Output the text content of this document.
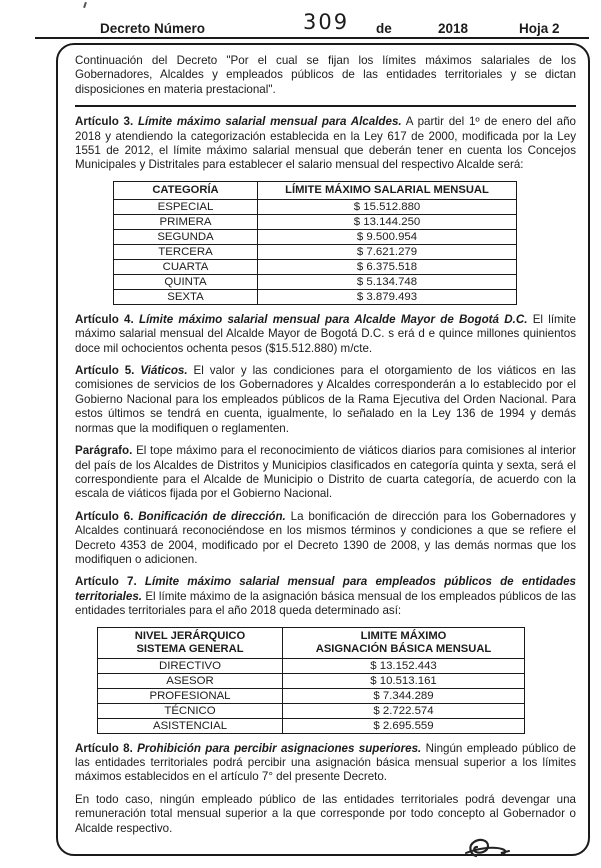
Decreto Número	309 de	2018	Hoja 2

Continuación del Decreto "Por el cual se fijan los límites máximos salariales de los Gobernadores, Alcaldes y empleados públicos de las entidades territoriales y se dictan disposiciones en materia prestacional".

Artículo 3. Límite máximo salarial mensual para Alcaldes. A partir del 1º de enero del año 2018 y atendiendo la categorización establecida en la Ley 617 de 2000, modificada por la Ley 1551 de 2012, el límite máximo salarial mensual que deberán tener en cuenta los Concejos Municipales y Distritales para establecer el salario mensual del respectivo Alcalde será:

CATEGORÍA	LÍMITE MÁXIMO SALARIAL MENSUAL
ESPECIAL	$ 15.512.880
PRIMERA	$ 13.144.250
SEGUNDA	$ 9.500.954
TERCERA	$ 7.621.279
CUARTA	$ 6.375.518
QUINTA	$ 5.134.748
SEXTA	$ 3.879.493

Artículo 4. Límite máximo salarial mensual para Alcalde Mayor de Bogotá D.C. El límite máximo salarial mensual del Alcalde Mayor de Bogotá D.C. s erá d e quince millones quinientos doce mil ochocientos ochenta pesos ($15.512.880) m/cte.

Artículo 5. Viáticos. El valor y las condiciones para el otorgamiento de los viáticos en las comisiones de servicios de los Gobernadores y Alcaldes corresponderán a lo establecido por el Gobierno Nacional para los empleados públicos de la Rama Ejecutiva del Orden Nacional. Para estos últimos se tendrá en cuenta, igualmente, lo señalado en la Ley 136 de 1994 y demás normas que la modifiquen o reglamenten.

Parágrafo. El tope máximo para el reconocimiento de viáticos diarios para comisiones al interior del país de los Alcaldes de Distritos y Municipios clasificados en categoría quinta y sexta, será el correspondiente para el Alcalde de Municipio o Distrito de cuarta categoría, de acuerdo con la escala de viáticos fijada por el Gobierno Nacional.

Artículo 6. Bonificación de dirección. La bonificación de dirección para los Gobernadores y Alcaldes continuará reconociéndose en los mismos términos y condiciones a que se refiere el Decreto 4353 de 2004, modificado por el Decreto 1390 de 2008, y las demás normas que los modifiquen o adicionen.

Artículo 7. Límite máximo salarial mensual para empleados públicos de entidades territoriales. El límite máximo de la asignación básica mensual de los empleados públicos de las entidades territoriales para el año 2018 queda determinado así:

NIVEL JERÁRQUICO
SISTEMA GENERAL	LIMITE MÁXIMO
ASIGNACIÓN BÁSICA MENSUAL
DIRECTIVO	$ 13.152.443
ASESOR	$ 10.513.161
PROFESIONAL	$ 7.344.289
TÉCNICO	$ 2.722.574
ASISTENCIAL	$ 2.695.559

Artículo 8. Prohibición para percibir asignaciones superiores. Ningún empleado público de las entidades territoriales podrá percibir una asignación básica mensual superior a los límites máximos establecidos en el artículo 7° del presente Decreto.

En todo caso, ningún empleado público de las entidades territoriales podrá devengar una remuneración total mensual superior a la que corresponde por todo concepto al Gobernador o Alcalde respectivo.
